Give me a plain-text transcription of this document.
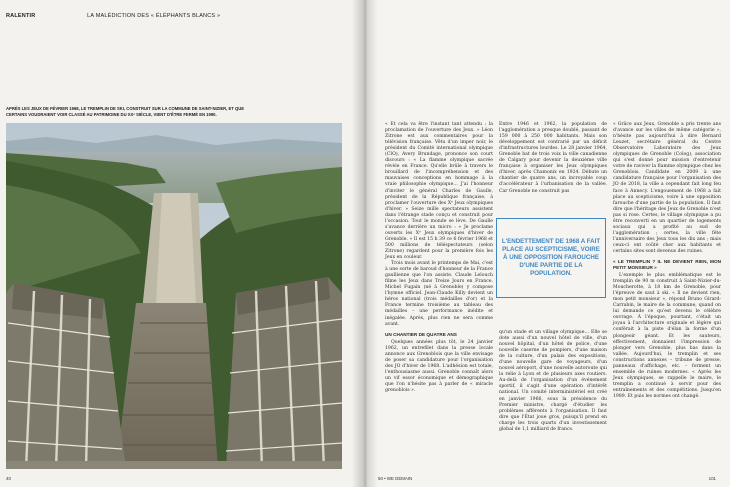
RALENTIR	LA MALÉDICTION DES « ÉLÉPHANTS BLANCS »
APRÈS LES JEUX DE FÉVRIER 1968, LE TREMPLIN DE SKI, CONSTRUIT SUR LA COMMUNE DE SAINT-NIZIER, ET QUE CERTAINS VOUDRAIENT VOIR CLASSÉ AU PATRIMOINE DU XXᵉ SIÈCLE, VIENT D'ÊTRE FERMÉ EN 1990.
40

« Et cela va être l'instant tant attendu : la proclamation de l'ouverture des Jeux. » Léon Zitrone est aux commentaires pour la télévision française. Vêtu d'un imper noir, le président du Comité international olympique (CIO), Avery Brundage, prononce son court discours : « La flamme olympique sacrée révèle en France. Qu'elle brûle à travers le brouillard de l'incompréhension et des mauvaises conceptions en hommage à la vraie philosophie olympique… J'ai l'honneur d'inviter le général Charles de Gaulle, président de la République française, à proclamer l'ouverture des Xᵉ Jeux olympiques d'hiver. » Seize mille spectateurs assistent dans l'étrange stade conçu et construit pour l'occasion. Tout le monde se lève. De Gaulle s'avance derrière un micro : « Je proclame ouverts les Xᵉ Jeux olympiques d'hiver de Grenoble. » Il est 15 h 39 ce 6 février 1968 et 500 millions de téléspectateurs (selon Zitrone) regardent pour la première fois les Jeux en couleur.

Trois mois avant le printemps de Mai, c'est à une sorte de baroud d'honneur de la France gaullienne que l'on assiste. Claude Lelouch filme les Jeux dans Treize Jours en France. Michel Fugain (né à Grenoble) y compose l'hymne officiel. Jean-Claude Killy devient un héros national (trois médailles d'or) et la France termine troisième au tableau des médailles – une performance inédite et inégalée. Après, plus rien ne sera comme avant.

UN CHANTIER DE QUATRE ANS

Quelques années plus tôt, le 24 janvier 1962, un entrefilet dans la presse locale annonce aux Grenoblois que la ville envisage de poser sa candidature pour l'organisation des JO d'hiver de 1968. L'adhésion est totale, l'enthousiasme aussi. Grenoble connaît alors un vif essor économique et démographique que l'on n'hésite pas à parler de « miracle grenoblois ».

Entre 1946 et 1962, la population de l'agglomération a presque doublé, passant de 159 000 à 250 000 habitants. Mais son développement est contrarié par un déficit d'infrastructures lourdes. Le 28 janvier 1964, Grenoble bat de trois voix la ville canadienne de Calgary pour devenir la deuxième ville française à organiser les Jeux olympiques d'hiver, après Chamonix en 1924. Débute un chantier de quatre ans, un incroyable coup d'accélérateur à l'urbanisation de la vallée. Car Grenoble ne construit pas

qu'un stade et un village olympique… Elle se dote aussi d'un nouvel hôtel de ville, d'un nouvel hôpital, d'un hôtel de police, d'une nouvelle caserne de pompiers, d'une maison de la culture, d'un palais des expositions, d'une nouvelle gare de voyageurs, d'un nouvel aéroport, d'une nouvelle autoroute qui la relie à Lyon et de plusieurs axes routiers. Au-delà de l'organisation d'un événement sportif, il s'agit d'une opération d'intérêt national. Un comité interministériel est créé en janvier 1966, sous la présidence du Premier ministre, chargé d'étudier les problèmes afférents à l'organisation. Il faut dire que l'État joue gros, puisqu'il prend en charge les trois quarts d'un investissement global de 1,1 milliard de francs.

L'ENDETTEMENT DE 1968 A FAIT PLACE AU SCEPTICISME, VOIRE À UNE OPPOSITION FAROUCHE D'UNE PARTIE DE LA POPULATION.

« Grâce aux Jeux, Grenoble a pris trente ans d'avance sur les villes de même catégorie », n'hésite pas aujourd'hui à dire Bernard Leuzet, secrétaire général du Centre Observatoire Laboratoire des Jeux olympiques de Grenoble (Colog), association qui s'est donné pour mission d'entretenir votre de raviver la flamme olympique chez les Grenoblois. Candidate en 2009 à une candidature française pour l'organisation des JO de 2018, la ville a cependant fait long feu face à Annecy. L'engouement de 1968 a fait place au scepticisme, voire à une opposition farouche d'une partie de la population. Il faut dire que l'héritage des Jeux de Grenoble n'est pas si rose. Certes, le village olympique a pu être reconverti en un quartier de logements sociaux qui a profité au sud de l'agglomération ; certes, la ville fête l'anniversaire des Jeux tous les dix ans ; mais ceux-ci ont coûté cher aux habitants et certains sites sont devenus des ruines.

« LE TREMPLIN ? IL NE DEVIENT RIEN, MON PETIT MONSIEUR »

L'exemple le plus emblématique est le tremplin de 90 m construit à Saint-Nizier-du-Moucherotte, à 18 km de Grenoble, pour l'épreuve de saut à ski. « Il ne devient rien, mon petit monsieur », répond Bruno Girard-Carrabin, le maire de la commune, quand on lui demande ce qu'est devenu le célèbre ouvrage. À l'époque, pourtant, c'était un joyau à l'architecture originale et légère qui conférait à la piste d'élan la forme d'un plongeoir géant. Et les sauteurs, effectivement, donnaient l'impression de plonger vers Grenoble, plus bas dans la vallée. Aujourd'hui, le tremplin et ses constructions annexes – tribune de presse, panneaux d'affichage, etc. – forment un ensemble de ruines modernes. « Après les Jeux olympiques, se rappelle le maire, le tremplin a continué à servir pour des entraînements et des compétitions. Jusqu'en 1989. Et puis les normes ont changé.

50 • WE DEMAIN	101
